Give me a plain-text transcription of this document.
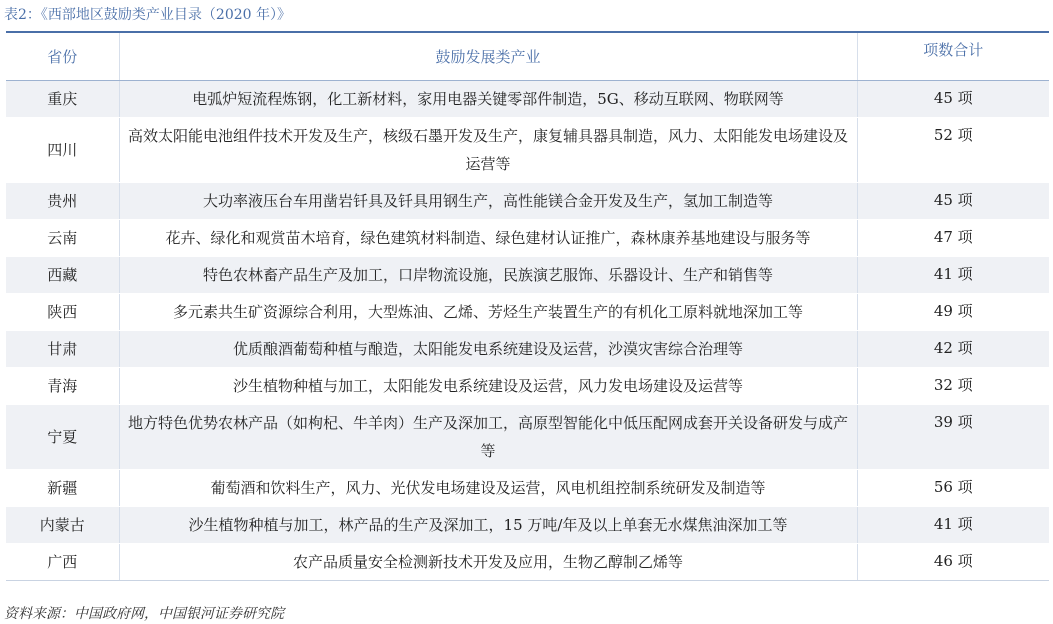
表2：《西部地区鼓励类产业目录（2020 年）》
省份	鼓励发展类产业	项数合计
重庆	电弧炉短流程炼钢，化工新材料，家用电器关键零部件制造，5G、移动互联网、物联网等	45 项
四川	高效太阳能电池组件技术开发及生产，核级石墨开发及生产，康复辅具器具制造，风力、太阳能发电场建设及运营等	52 项
贵州	大功率液压台车用凿岩钎具及钎具用钢生产，高性能镁合金开发及生产，氢加工制造等	45 项
云南	花卉、绿化和观赏苗木培育，绿色建筑材料制造、绿色建材认证推广，森林康养基地建设与服务等	47 项
西藏	特色农林畜产品生产及加工，口岸物流设施，民族演艺服饰、乐器设计、生产和销售等	41 项
陕西	多元素共生矿资源综合利用，大型炼油、乙烯、芳烃生产装置生产的有机化工原料就地深加工等	49 项
甘肃	优质酿酒葡萄种植与酿造，太阳能发电系统建设及运营，沙漠灾害综合治理等	42 项
青海	沙生植物种植与加工，太阳能发电系统建设及运营，风力发电场建设及运营等	32 项
宁夏	地方特色优势农林产品（如枸杞、牛羊肉）生产及深加工，高原型智能化中低压配网成套开关设备研发与成产等	39 项
新疆	葡萄酒和饮料生产，风力、光伏发电场建设及运营，风电机组控制系统研发及制造等	56 项
内蒙古	沙生植物种植与加工，林产品的生产及深加工，15 万吨/年及以上单套无水煤焦油深加工等	41 项
广西	农产品质量安全检测新技术开发及应用，生物乙醇制乙烯等	46 项
资料来源：中国政府网，中国银河证券研究院
